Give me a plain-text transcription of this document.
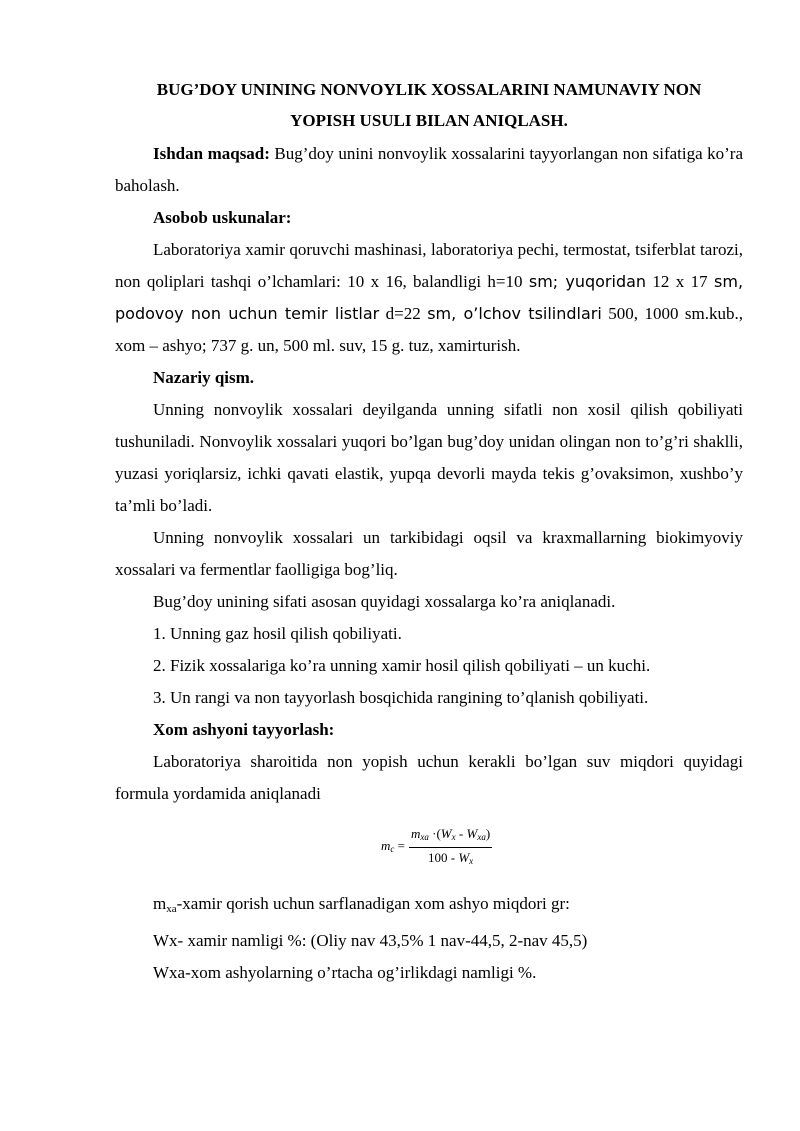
BUG’DOY UNINING NONVOYLIK XOSSALARINI NAMUNAVIY NON
YOPISH USULI BILAN ANIQLASH.

Ishdan maqsad: Bug’doy unini nonvoylik xossalarini tayyorlangan non sifatiga ko’ra baholash.

Asobob uskunalar:

Laboratoriya xamir qoruvchi mashinasi, laboratoriya pechi, termostat, tsiferblat tarozi, non qoliplari tashqi o’lchamlari: 10 x 16, balandligi h=10 sm; yuqoridan 12 x 17 sm, podovoy non uchun temir listlar d=22 sm, o’lchov tsilindlari 500, 1000 sm.kub., xom – ashyo; 737 g. un, 500 ml. suv, 15 g. tuz, xamirturish.

Nazariy qism.

Unning nonvoylik xossalari deyilganda unning sifatli non xosil qilish qobiliyati tushuniladi. Nonvoylik xossalari yuqori bo’lgan bug’doy unidan olingan non to’g’ri shaklli, yuzasi yoriqlarsiz, ichki qavati elastik, yupqa devorli mayda tekis g’ovaksimon, xushbo’y ta’mli bo’ladi.

Unning nonvoylik xossalari un tarkibidagi oqsil va kraxmallarning biokimyoviy xossalari va fermentlar faolligiga bog’liq.

Bug’doy unining sifati asosan quyidagi xossalarga ko’ra aniqlanadi.

1. Unning gaz hosil qilish qobiliyati.

2. Fizik xossalariga ko’ra unning xamir hosil qilish qobiliyati – un kuchi.

3. Un rangi va non tayyorlash bosqichida rangining to’qlanish qobiliyati.

Xom ashyoni tayyorlash:

Laboratoriya sharoitida non yopish uchun kerakli bo’lgan suv miqdori quyidagi formula yordamida aniqlanadi

$m_c = \frac{m_{xa} \cdot(W_x - W_{xa})}{100 - W_x}$

mxa-xamir qorish uchun sarflanadigan xom ashyo miqdori gr:

Wx- xamir namligi %: (Oliy nav 43,5% 1 nav-44,5, 2-nav 45,5)

Wxa-xom ashyolarning o’rtacha og’irlikdagi namligi %.
